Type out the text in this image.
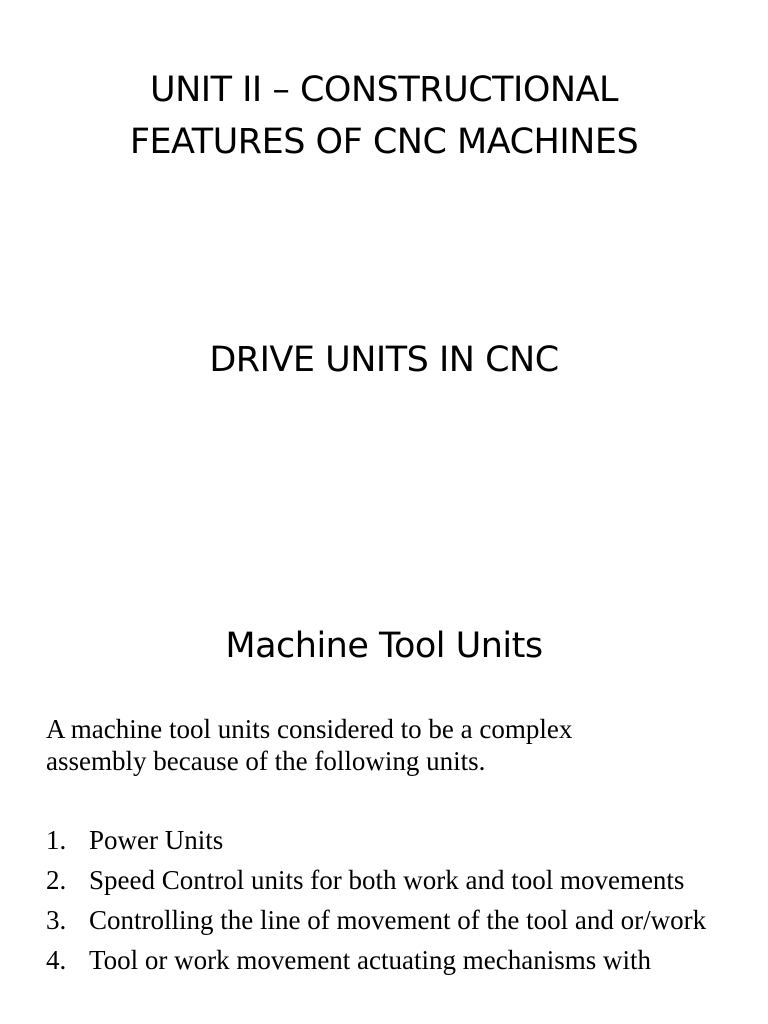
UNIT II – CONSTRUCTIONAL
FEATURES OF CNC MACHINES
DRIVE UNITS IN CNC
Machine Tool Units

A machine tool units considered to be a complex
assembly because of the following units.

1. Power Units
2. Speed Control units for both work and tool movements
3. Controlling the line of movement of the tool and or/work
4. Tool or work movement actuating mechanisms with
